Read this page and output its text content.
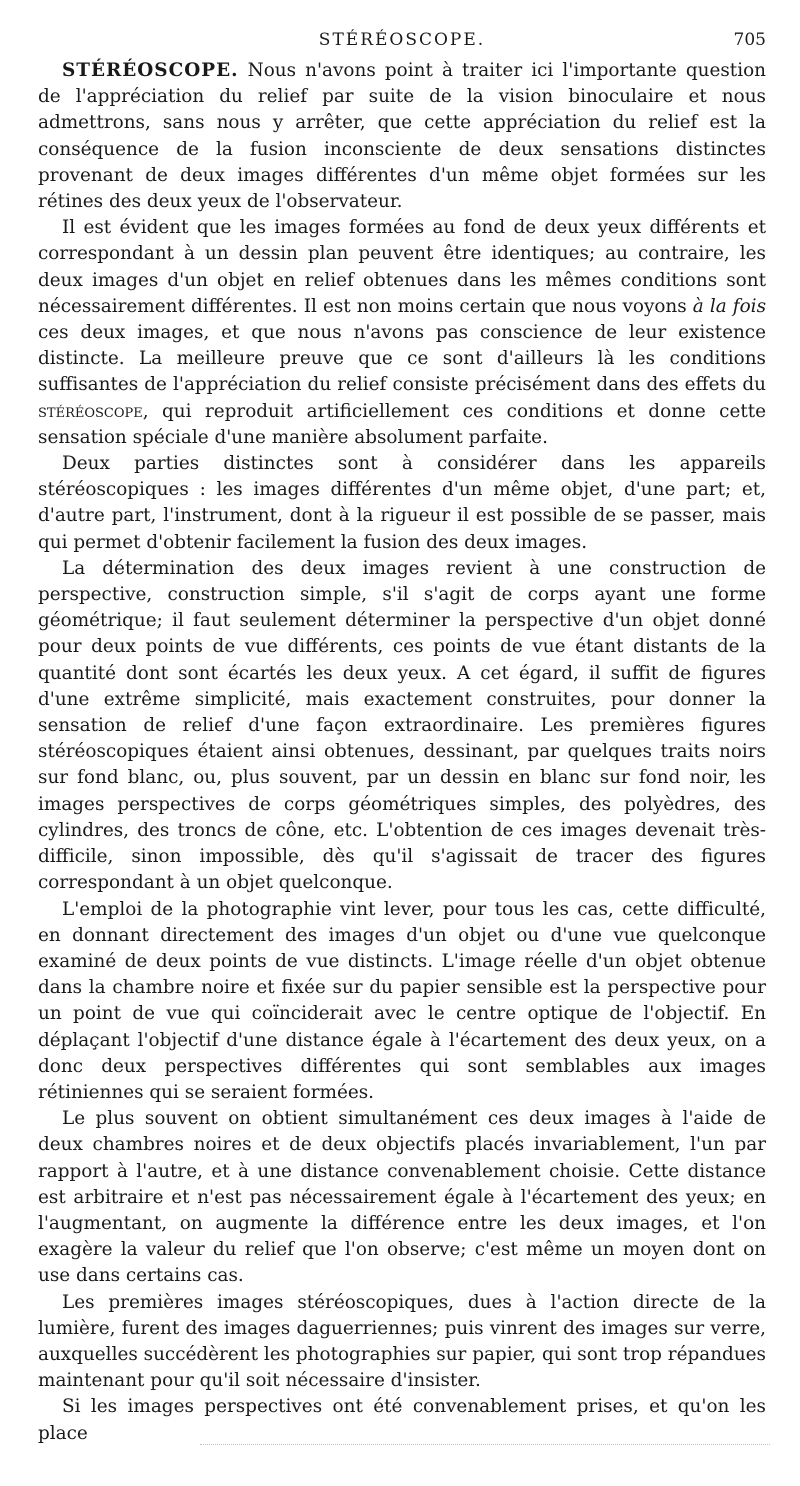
STÉRÉOSCOPE.	705

STÉRÉOSCOPE. Nous n'avons point à traiter ici l'importante question de l'appréciation du relief par suite de la vision binoculaire et nous admettrons, sans nous y arrêter, que cette appréciation du relief est la conséquence de la fusion inconsciente de deux sensations distinctes provenant de deux images différentes d'un même objet formées sur les rétines des deux yeux de l'observateur.

Il est évident que les images formées au fond de deux yeux différents et correspondant à un dessin plan peuvent être identiques; au contraire, les deux images d'un objet en relief obtenues dans les mêmes conditions sont nécessairement différentes. Il est non moins certain que nous voyons à la fois ces deux images, et que nous n'avons pas conscience de leur existence distincte. La meilleure preuve que ce sont d'ailleurs là les conditions suffisantes de l'appréciation du relief consiste précisément dans des effets du stéréoscope, qui reproduit artificiellement ces conditions et donne cette sensation spéciale d'une manière absolument parfaite.

Deux parties distinctes sont à considérer dans les appareils stéréoscopiques : les images différentes d'un même objet, d'une part; et, d'autre part, l'instrument, dont à la rigueur il est possible de se passer, mais qui permet d'obtenir facilement la fusion des deux images.

La détermination des deux images revient à une construction de perspective, construction simple, s'il s'agit de corps ayant une forme géométrique; il faut seulement déterminer la perspective d'un objet donné pour deux points de vue différents, ces points de vue étant distants de la quantité dont sont écartés les deux yeux. A cet égard, il suffit de figures d'une extrême simplicité, mais exactement construites, pour donner la sensation de relief d'une façon extraordinaire. Les premières figures stéréoscopiques étaient ainsi obtenues, dessinant, par quelques traits noirs sur fond blanc, ou, plus souvent, par un dessin en blanc sur fond noir, les images perspectives de corps géométriques simples, des polyèdres, des cylindres, des troncs de cône, etc. L'obtention de ces images devenait très-difficile, sinon impossible, dès qu'il s'agissait de tracer des figures correspondant à un objet quelconque.

L'emploi de la photographie vint lever, pour tous les cas, cette difficulté, en donnant directement des images d'un objet ou d'une vue quelconque examiné de deux points de vue distincts. L'image réelle d'un objet obtenue dans la chambre noire et fixée sur du papier sensible est la perspective pour un point de vue qui coïnciderait avec le centre optique de l'objectif. En déplaçant l'objectif d'une distance égale à l'écartement des deux yeux, on a donc deux perspectives différentes qui sont semblables aux images rétiniennes qui se seraient formées.

Le plus souvent on obtient simultanément ces deux images à l'aide de deux chambres noires et de deux objectifs placés invariablement, l'un par rapport à l'autre, et à une distance convenablement choisie. Cette distance est arbitraire et n'est pas nécessairement égale à l'écartement des yeux; en l'augmentant, on augmente la différence entre les deux images, et l'on exagère la valeur du relief que l'on observe; c'est même un moyen dont on use dans certains cas.

Les premières images stéréoscopiques, dues à l'action directe de la lumière, furent des images daguerriennes; puis vinrent des images sur verre, auxquelles succédèrent les photographies sur papier, qui sont trop répandues maintenant pour qu'il soit nécessaire d'insister.

Si les images perspectives ont été convenablement prises, et qu'on les place
